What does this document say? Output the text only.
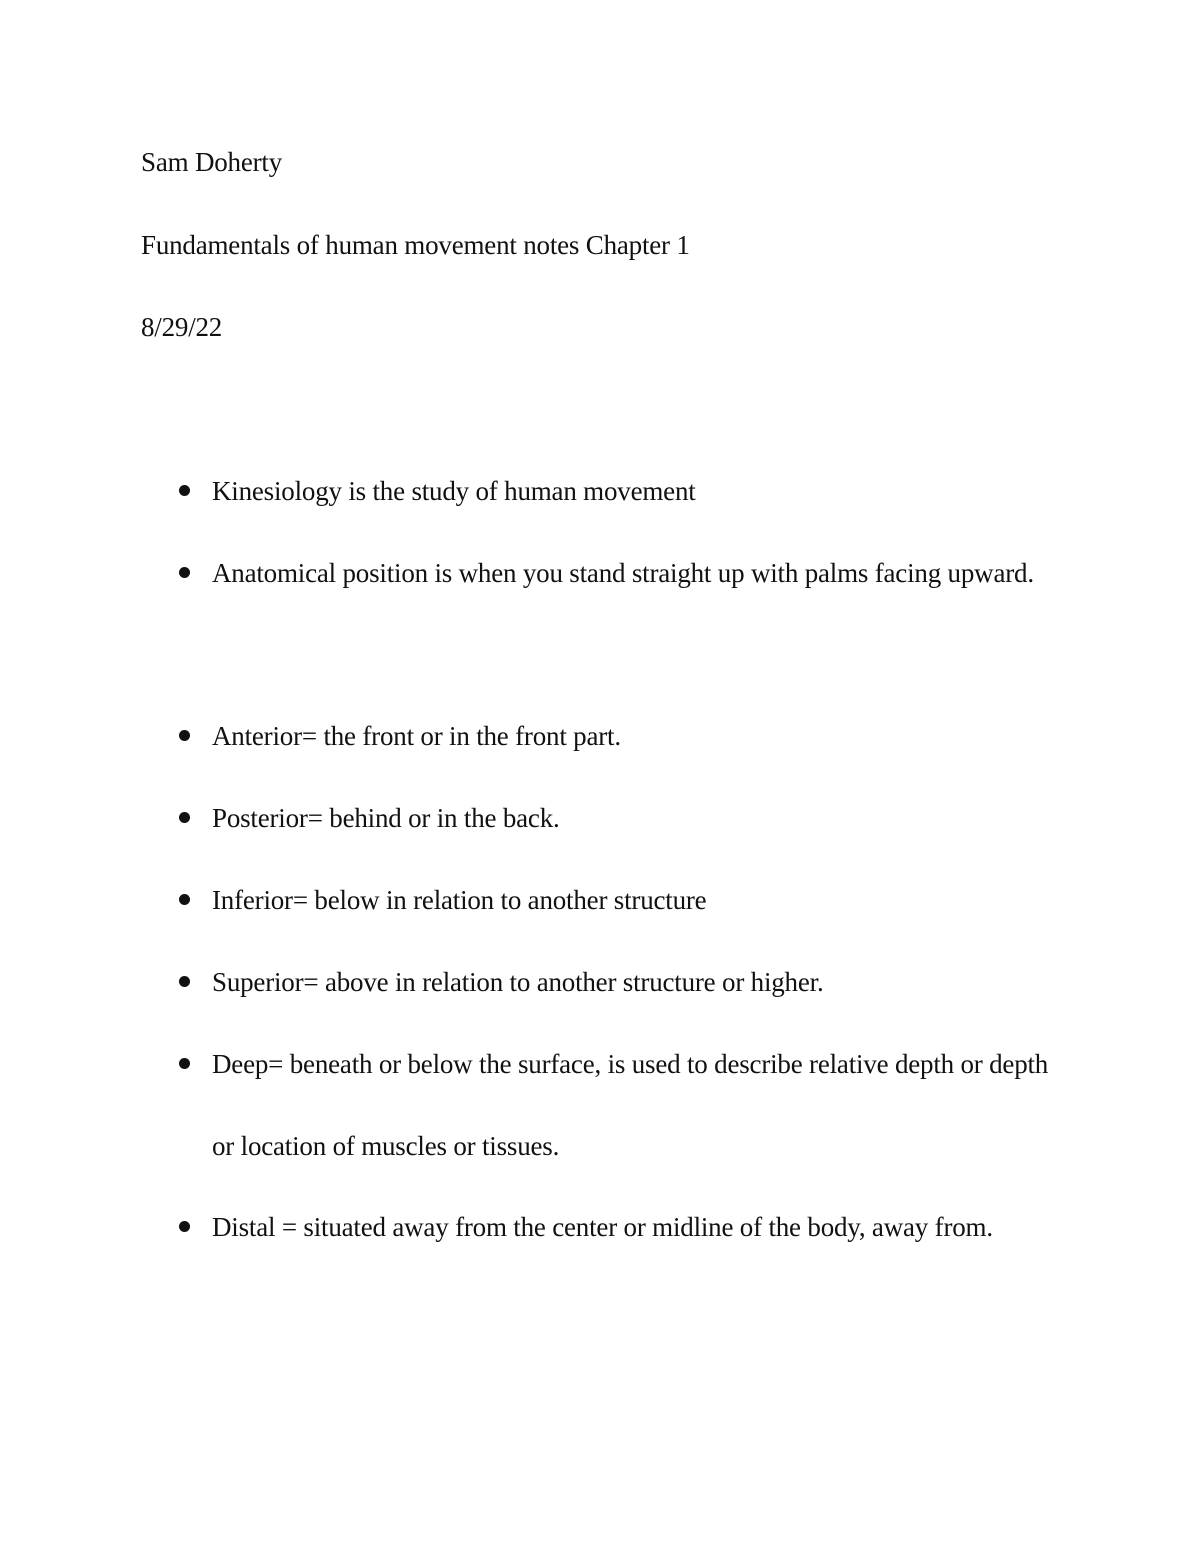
Sam Doherty
Fundamentals of human movement notes Chapter 1
8/29/22
Kinesiology is the study of human movement
Anatomical position is when you stand straight up with palms facing upward.
Anterior= the front or in the front part.
Posterior= behind or in the back.
Inferior= below in relation to another structure
Superior= above in relation to another structure or higher.
Deep= beneath or below the surface, is used to describe relative depth or depth or location of muscles or tissues.
Distal = situated away from the center or midline of the body, away from.
